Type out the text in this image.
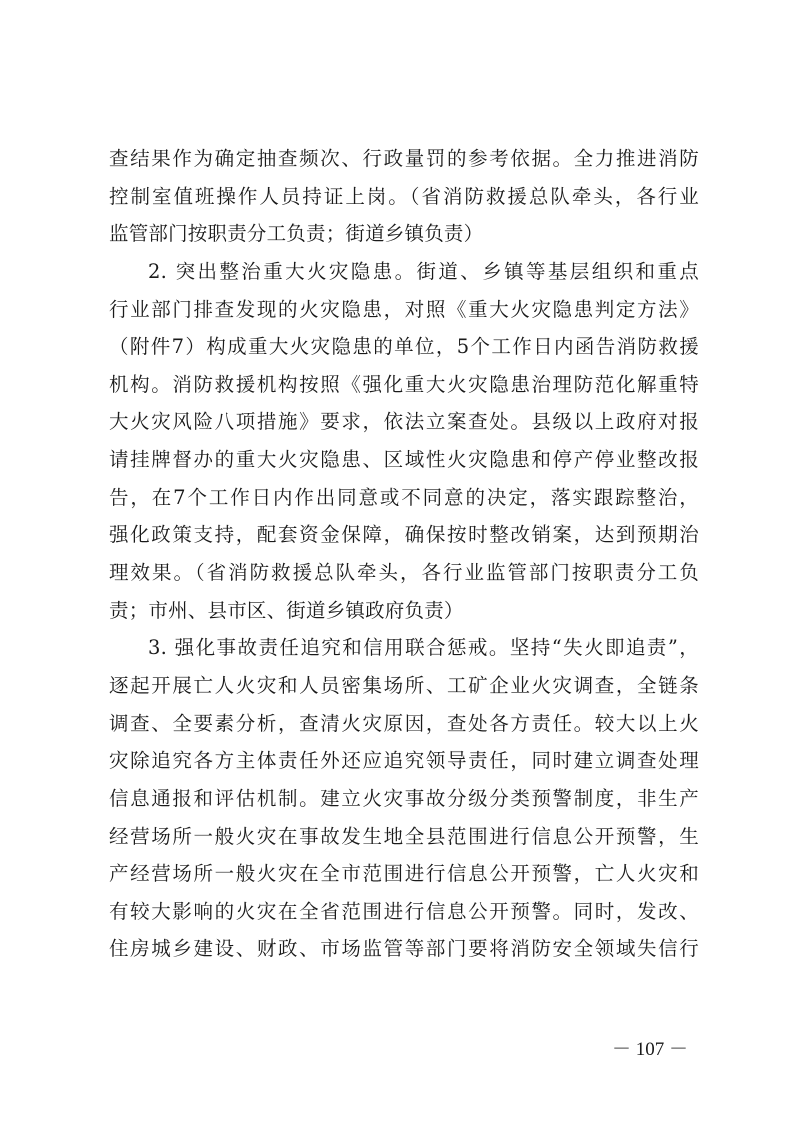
查结果作为确定抽查频次、行政量罚的参考依据。全力推进消防
控制室值班操作人员持证上岗。（省消防救援总队牵头，各行业
监管部门按职责分工负责；街道乡镇负责）
2. 突出整治重大火灾隐患。街道、乡镇等基层组织和重点
行业部门排查发现的火灾隐患，对照《重大火灾隐患判定方法》
（附件7）构成重大火灾隐患的单位，5个工作日内函告消防救援
机构。消防救援机构按照《强化重大火灾隐患治理防范化解重特
大火灾风险八项措施》要求，依法立案查处。县级以上政府对报
请挂牌督办的重大火灾隐患、区域性火灾隐患和停产停业整改报
告，在7个工作日内作出同意或不同意的决定，落实跟踪整治，
强化政策支持，配套资金保障，确保按时整改销案，达到预期治
理效果。（省消防救援总队牵头，各行业监管部门按职责分工负
责；市州、县市区、街道乡镇政府负责）
3. 强化事故责任追究和信用联合惩戒。坚持“失火即追责”，
逐起开展亡人火灾和人员密集场所、工矿企业火灾调查，全链条
调查、全要素分析，查清火灾原因，查处各方责任。较大以上火
灾除追究各方主体责任外还应追究领导责任，同时建立调查处理
信息通报和评估机制。建立火灾事故分级分类预警制度，非生产
经营场所一般火灾在事故发生地全县范围进行信息公开预警，生
产经营场所一般火灾在全市范围进行信息公开预警，亡人火灾和
有较大影响的火灾在全省范围进行信息公开预警。同时，发改、
住房城乡建设、财政、市场监管等部门要将消防安全领域失信行
－ 107 －
